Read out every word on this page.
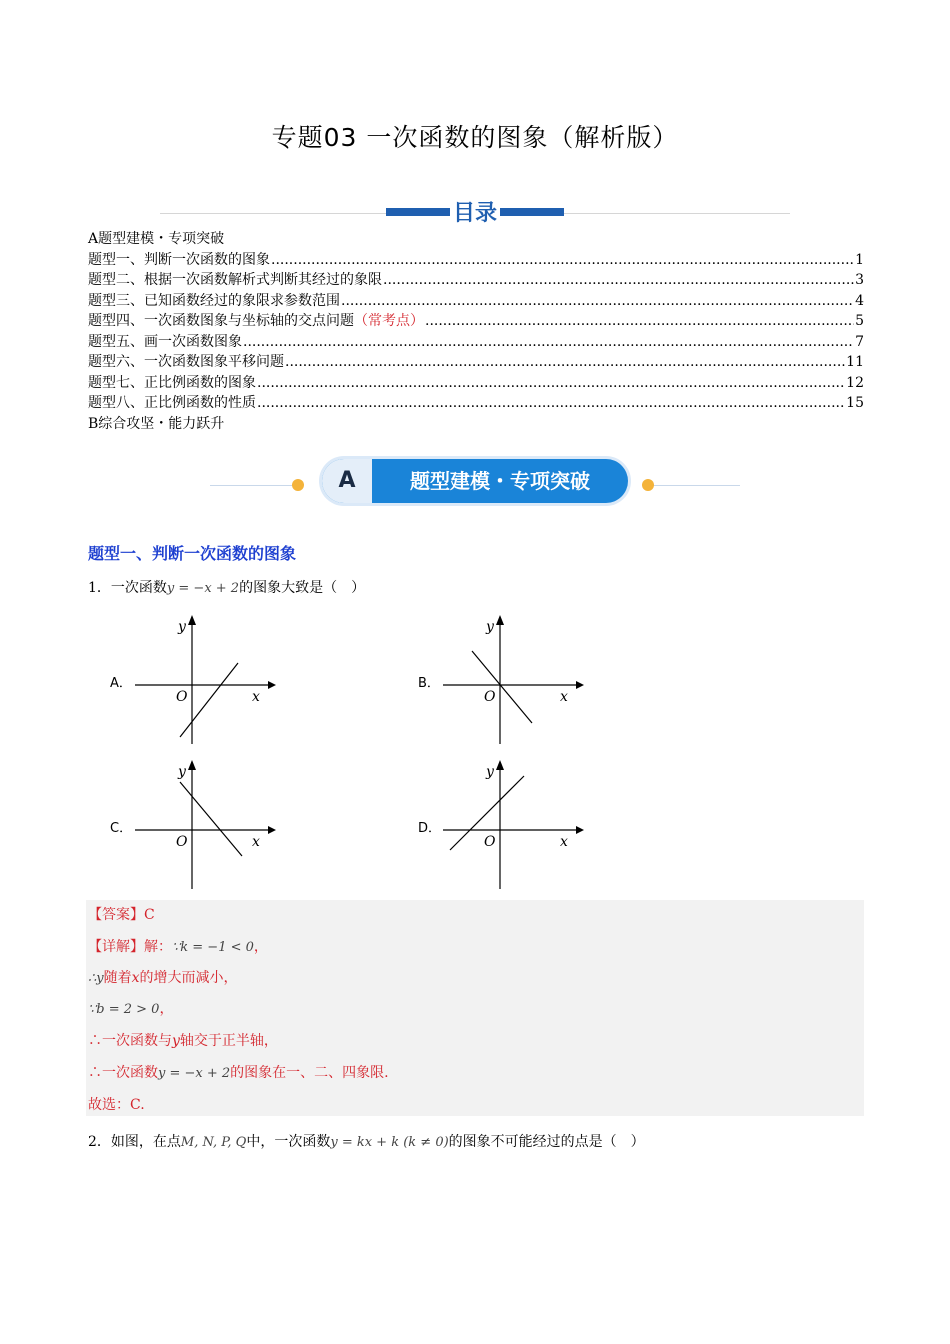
专题03 一次函数的图象（解析版）
目录
A题型建模・专项突破
题型一、判断一次函数的图象 .....	1
题型二、根据一次函数解析式判断其经过的象限 .....	3
题型三、已知函数经过的象限求参数范围 .....	4
题型四、一次函数图象与坐标轴的交点问题 （常考点） .....	5
题型五、画一次函数图象 .....	7
题型六、一次函数图象平移问题 .....	11
题型七、正比例函数的图象 .....	12
题型八、正比例函数的性质 .....	15
B综合攻坚・能力跃升
A	题型建模・专项突破
题型一、判断一次函数的图象
1．一次函数y = −x + 2的图象大致是（　）
A．	B．
C．	D．
y
x
O
y
x
O
y
x
O
y
x
O
【答案】C
【详解】解：∵k = −1 < 0，
∴y随着x的增大而减小，
∵b = 2 > 0，
∴一次函数与y轴交于正半轴，
∴一次函数y = −x + 2的图象在一、二、四象限.
故选：C.
2．如图，在点M, N, P, Q中，一次函数y = kx + k (k ≠ 0)的图象不可能经过的点是（　）
